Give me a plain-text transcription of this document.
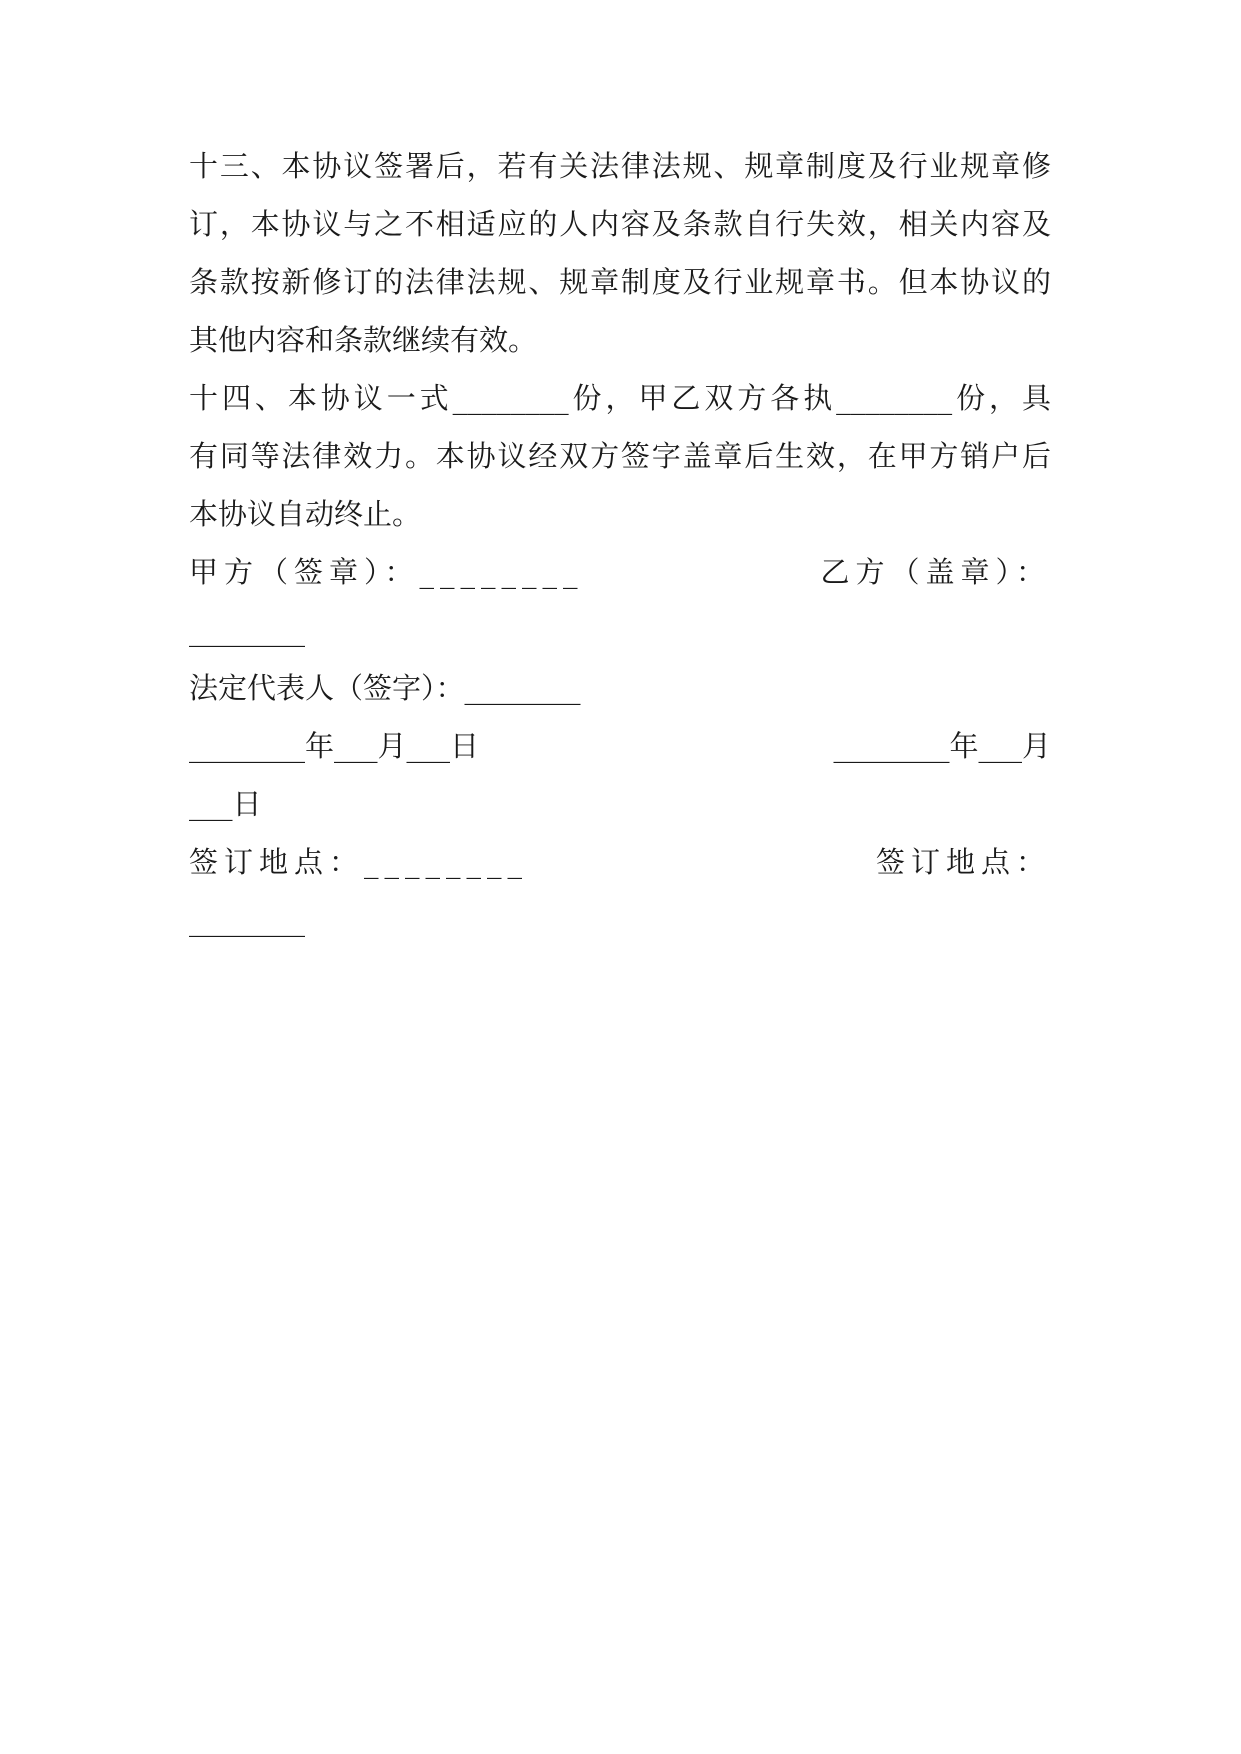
十三、本协议签署后，若有关法律法规、规章制度及行业规章修
订，本协议与之不相适应的人内容及条款自行失效，相关内容及
条款按新修订的法律法规、规章制度及行业规章书。但本协议的
其他内容和条款继续有效。
十四、本协议一式________份，甲乙双方各执________份，具
有同等法律效力。本协议经双方签字盖章后生效，在甲方销户后
本协议自动终止。

甲方（签章）：________

	乙方（盖章）：

________
法定代表人（签字）：________

________年___月___日

	________年___月

___日

签订地点：________

	签订地点：

________
